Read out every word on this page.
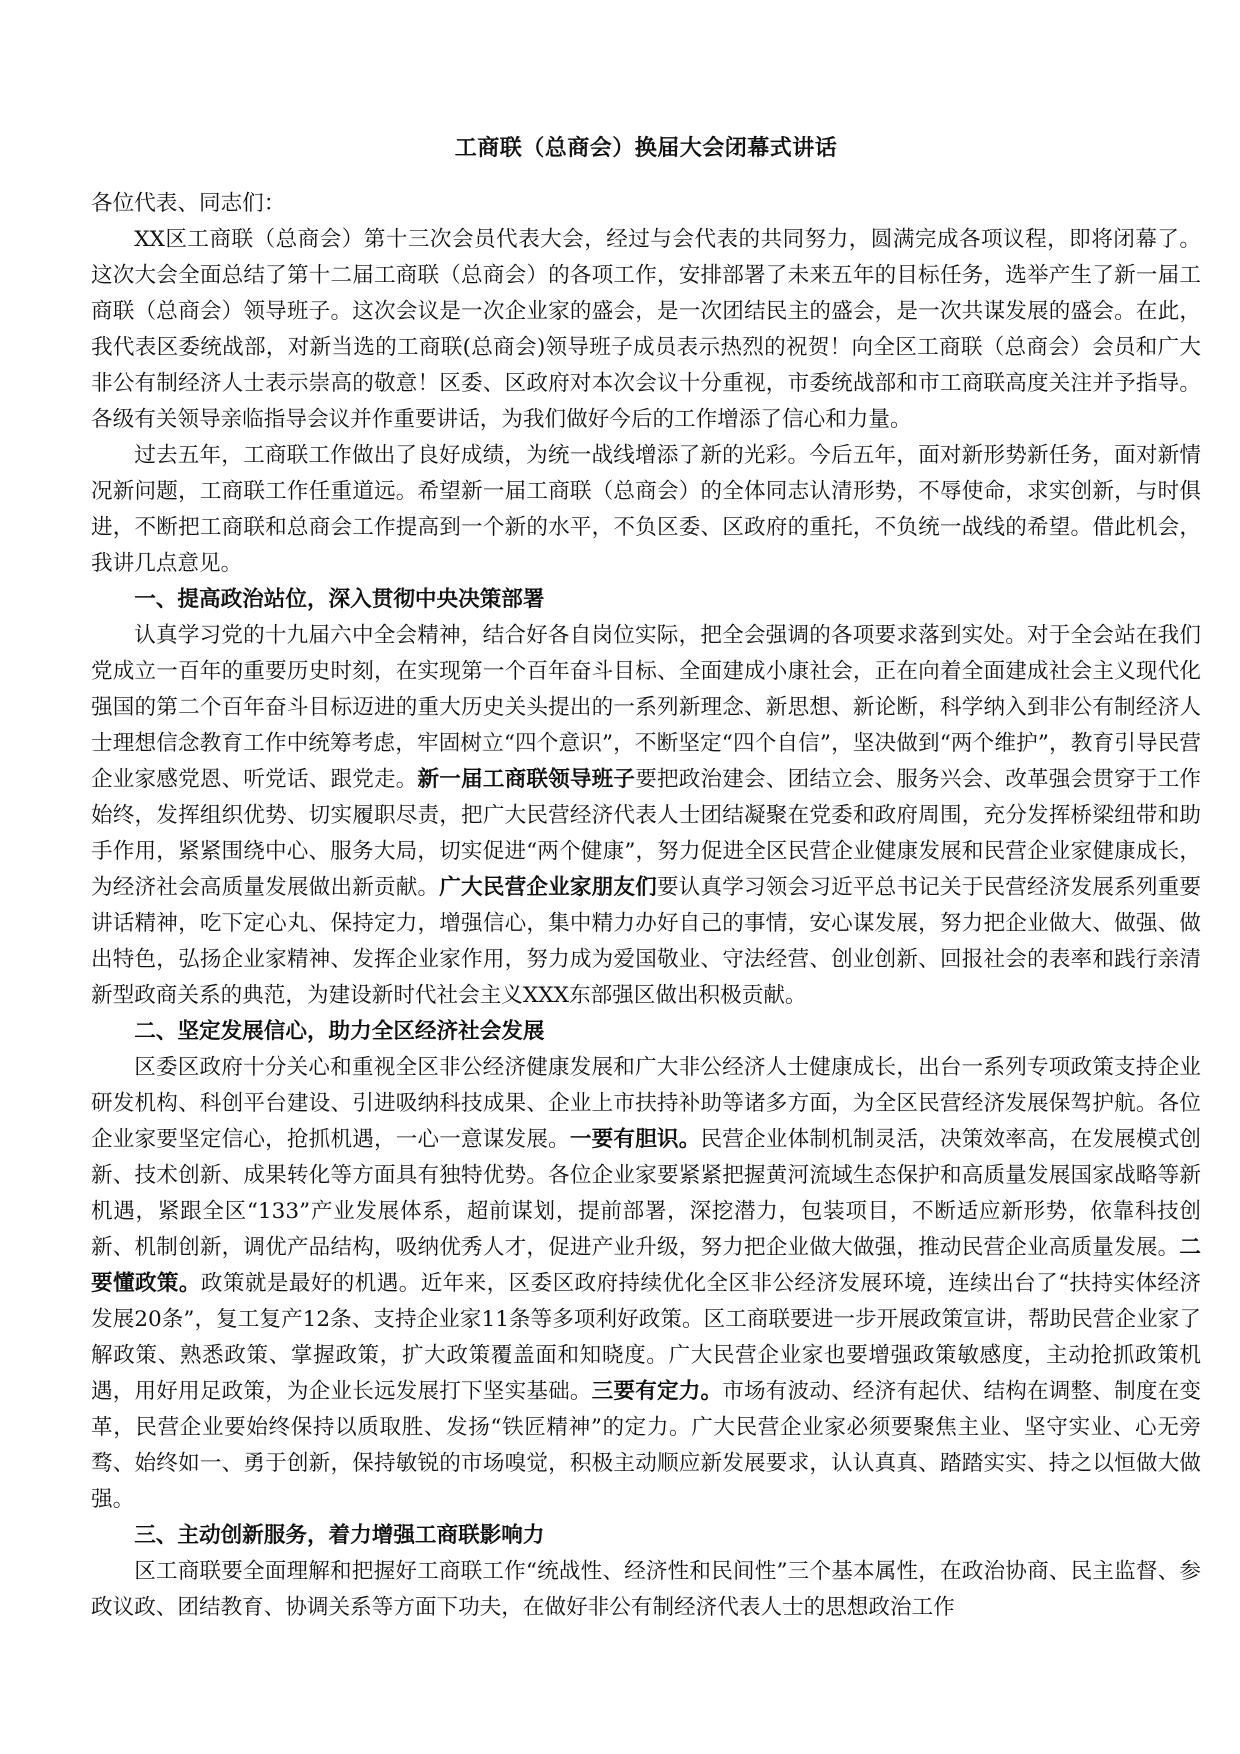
工商联（总商会）换届大会闭幕式讲话
各位代表、同志们：

XX区工商联（总商会）第十三次会员代表大会，经过与会代表的共同努力，圆满完成各项议程，即将闭幕了。这次大会全面总结了第十二届工商联（总商会）的各项工作，安排部署了未来五年的目标任务，选举产生了新一届工商联（总商会）领导班子。这次会议是一次企业家的盛会，是一次团结民主的盛会，是一次共谋发展的盛会。在此，我代表区委统战部，对新当选的工商联(总商会)领导班子成员表示热烈的祝贺！向全区工商联（总商会）会员和广大非公有制经济人士表示崇高的敬意！区委、区政府对本次会议十分重视，市委统战部和市工商联高度关注并予指导。各级有关领导亲临指导会议并作重要讲话，为我们做好今后的工作增添了信心和力量。

过去五年，工商联工作做出了良好成绩，为统一战线增添了新的光彩。今后五年，面对新形势新任务，面对新情况新问题，工商联工作任重道远。希望新一届工商联（总商会）的全体同志认清形势，不辱使命，求实创新，与时俱进，不断把工商联和总商会工作提高到一个新的水平，不负区委、区政府的重托，不负统一战线的希望。借此机会，我讲几点意见。

一、提高政治站位，深入贯彻中央决策部署

认真学习党的十九届六中全会精神，结合好各自岗位实际，把全会强调的各项要求落到实处。对于全会站在我们党成立一百年的重要历史时刻，在实现第一个百年奋斗目标、全面建成小康社会，正在向着全面建成社会主义现代化强国的第二个百年奋斗目标迈进的重大历史关头提出的一系列新理念、新思想、新论断，科学纳入到非公有制经济人士理想信念教育工作中统筹考虑，牢固树立“四个意识”，不断坚定“四个自信”，坚决做到“两个维护”，教育引导民营企业家感党恩、听党话、跟党走。新一届工商联领导班子要把政治建会、团结立会、服务兴会、改革强会贯穿于工作始终，发挥组织优势、切实履职尽责，把广大民营经济代表人士团结凝聚在党委和政府周围，充分发挥桥梁纽带和助手作用，紧紧围绕中心、服务大局，切实促进“两个健康”，努力促进全区民营企业健康发展和民营企业家健康成长，为经济社会高质量发展做出新贡献。广大民营企业家朋友们要认真学习领会习近平总书记关于民营经济发展系列重要讲话精神，吃下定心丸、保持定力，增强信心，集中精力办好自己的事情，安心谋发展，努力把企业做大、做强、做出特色，弘扬企业家精神、发挥企业家作用，努力成为爱国敬业、守法经营、创业创新、回报社会的表率和践行亲清新型政商关系的典范，为建设新时代社会主义XXX东部强区做出积极贡献。

二、坚定发展信心，助力全区经济社会发展

区委区政府十分关心和重视全区非公经济健康发展和广大非公经济人士健康成长，出台一系列专项政策支持企业研发机构、科创平台建设、引进吸纳科技成果、企业上市扶持补助等诸多方面，为全区民营经济发展保驾护航。各位企业家要坚定信心，抢抓机遇，一心一意谋发展。一要有胆识。民营企业体制机制灵活，决策效率高，在发展模式创新、技术创新、成果转化等方面具有独特优势。各位企业家要紧紧把握黄河流域生态保护和高质量发展国家战略等新机遇，紧跟全区“133”产业发展体系，超前谋划，提前部署，深挖潜力，包装项目，不断适应新形势，依靠科技创新、机制创新，调优产品结构，吸纳优秀人才，促进产业升级，努力把企业做大做强，推动民营企业高质量发展。二要懂政策。政策就是最好的机遇。近年来，区委区政府持续优化全区非公经济发展环境，连续出台了“扶持实体经济发展20条”，复工复产12条、支持企业家11条等多项利好政策。区工商联要进一步开展政策宣讲，帮助民营企业家了解政策、熟悉政策、掌握政策，扩大政策覆盖面和知晓度。广大民营企业家也要增强政策敏感度，主动抢抓政策机遇，用好用足政策，为企业长远发展打下坚实基础。三要有定力。市场有波动、经济有起伏、结构在调整、制度在变革，民营企业要始终保持以质取胜、发扬“铁匠精神”的定力。广大民营企业家必须要聚焦主业、坚守实业、心无旁骛、始终如一、勇于创新，保持敏锐的市场嗅觉，积极主动顺应新发展要求，认认真真、踏踏实实、持之以恒做大做强。

三、主动创新服务，着力增强工商联影响力

区工商联要全面理解和把握好工商联工作“统战性、经济性和民间性”三个基本属性，在政治协商、民主监督、参政议政、团结教育、协调关系等方面下功夫，在做好非公有制经济代表人士的思想政治工作
